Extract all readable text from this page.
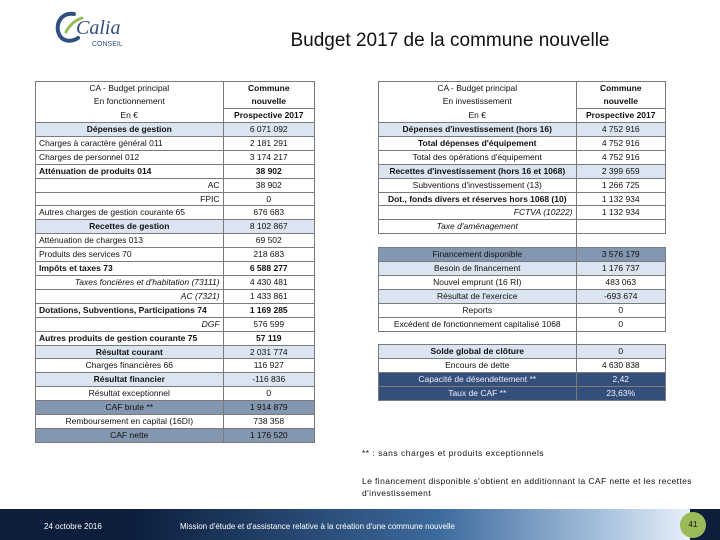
Calia
CONSEIL	Budget 2017 de la commune nouvelle
CA - Budget principal	Commune
En fonctionnement	nouvelle
En €	Prospective 2017
Dépenses de gestion	6 071 092
Charges à caractère général 011	2 181 291
Charges de personnel 012	3 174 217
Atténuation de produits 014	38 902
AC	38 902
FPIC	0
Autres charges de gestion courante 65	676 683
Recettes de gestion	8 102 867
Atténuation de charges 013	69 502
Produits des services 70	218 683
Impôts et taxes 73	6 588 277
Taxes foncières et d'habitation (73111)	4 430 481
AC (7321)	1 433 861
Dotations, Subventions, Participations 74	1 169 285
DGF	576 599
Autres produits de gestion courante 75	57 119
Résultat courant	2 031 774
Charges financières 66	116 927
Résultat financier	-116 836
Résultat exceptionnel	0
CAF brute **	1 914 879
Remboursement en capital (16DI)	738 358
CAF nette	1 176 520
CA - Budget principal	Commune
En investissement	nouvelle
En €	Prospective 2017
Dépenses d'investissement (hors 16)	4 752 916
Total dépenses d'équipement	4 752 916
Total des opérations d'équipement	4 752 916
Recettes d'investissement (hors 16 et 1068)	2 399 659
Subventions d'investissement (13)	1 266 725
Dot., fonds divers et réserves hors 1068 (10)	1 132 934
FCTVA (10222)	1 132 934
Taxe d'aménagement	

Financement disponible	3 576 179
Besoin de financement	1 176 737
Nouvel emprunt (16 RI)	483 063
Résultat de l'exercice	-693 674
Reports	0
Excédent de fonctionnement capitalisé 1068	0

Solde global de clôture	0
Encours de dette	4 630 838
Capacité de désendettement **	2,42
Taux de CAF **	23,63%
** : sans charges et produits exceptionnels
Le financement disponible s'obtient en additionnant la CAF nette et les recettes d'investissement
24 octobre 2016	Mission d'étude et d'assistance relative à la création d'une commune nouvelle	41
